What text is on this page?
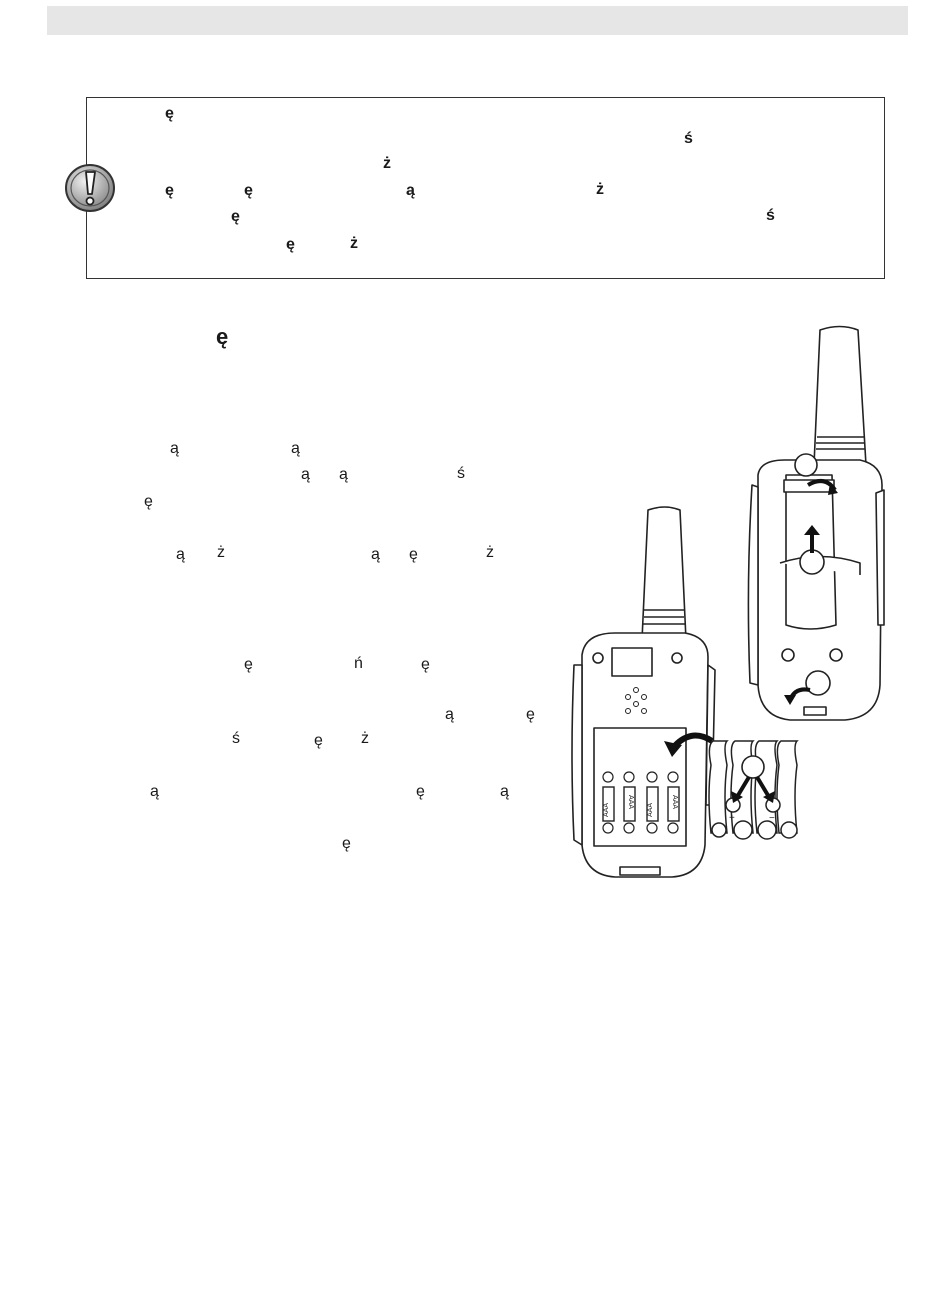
ę
ś
ż
ę	ę	ą	ż
ę	ś
ę	ż
ę
ą	ą
ą ą	ś
ę
ą ż	ą ę	ż
ę	ń	ę
ą	ę
ś	ę ż
ą	ę	ą
ę
AAA
AAA
AAA
AAA
+	−
